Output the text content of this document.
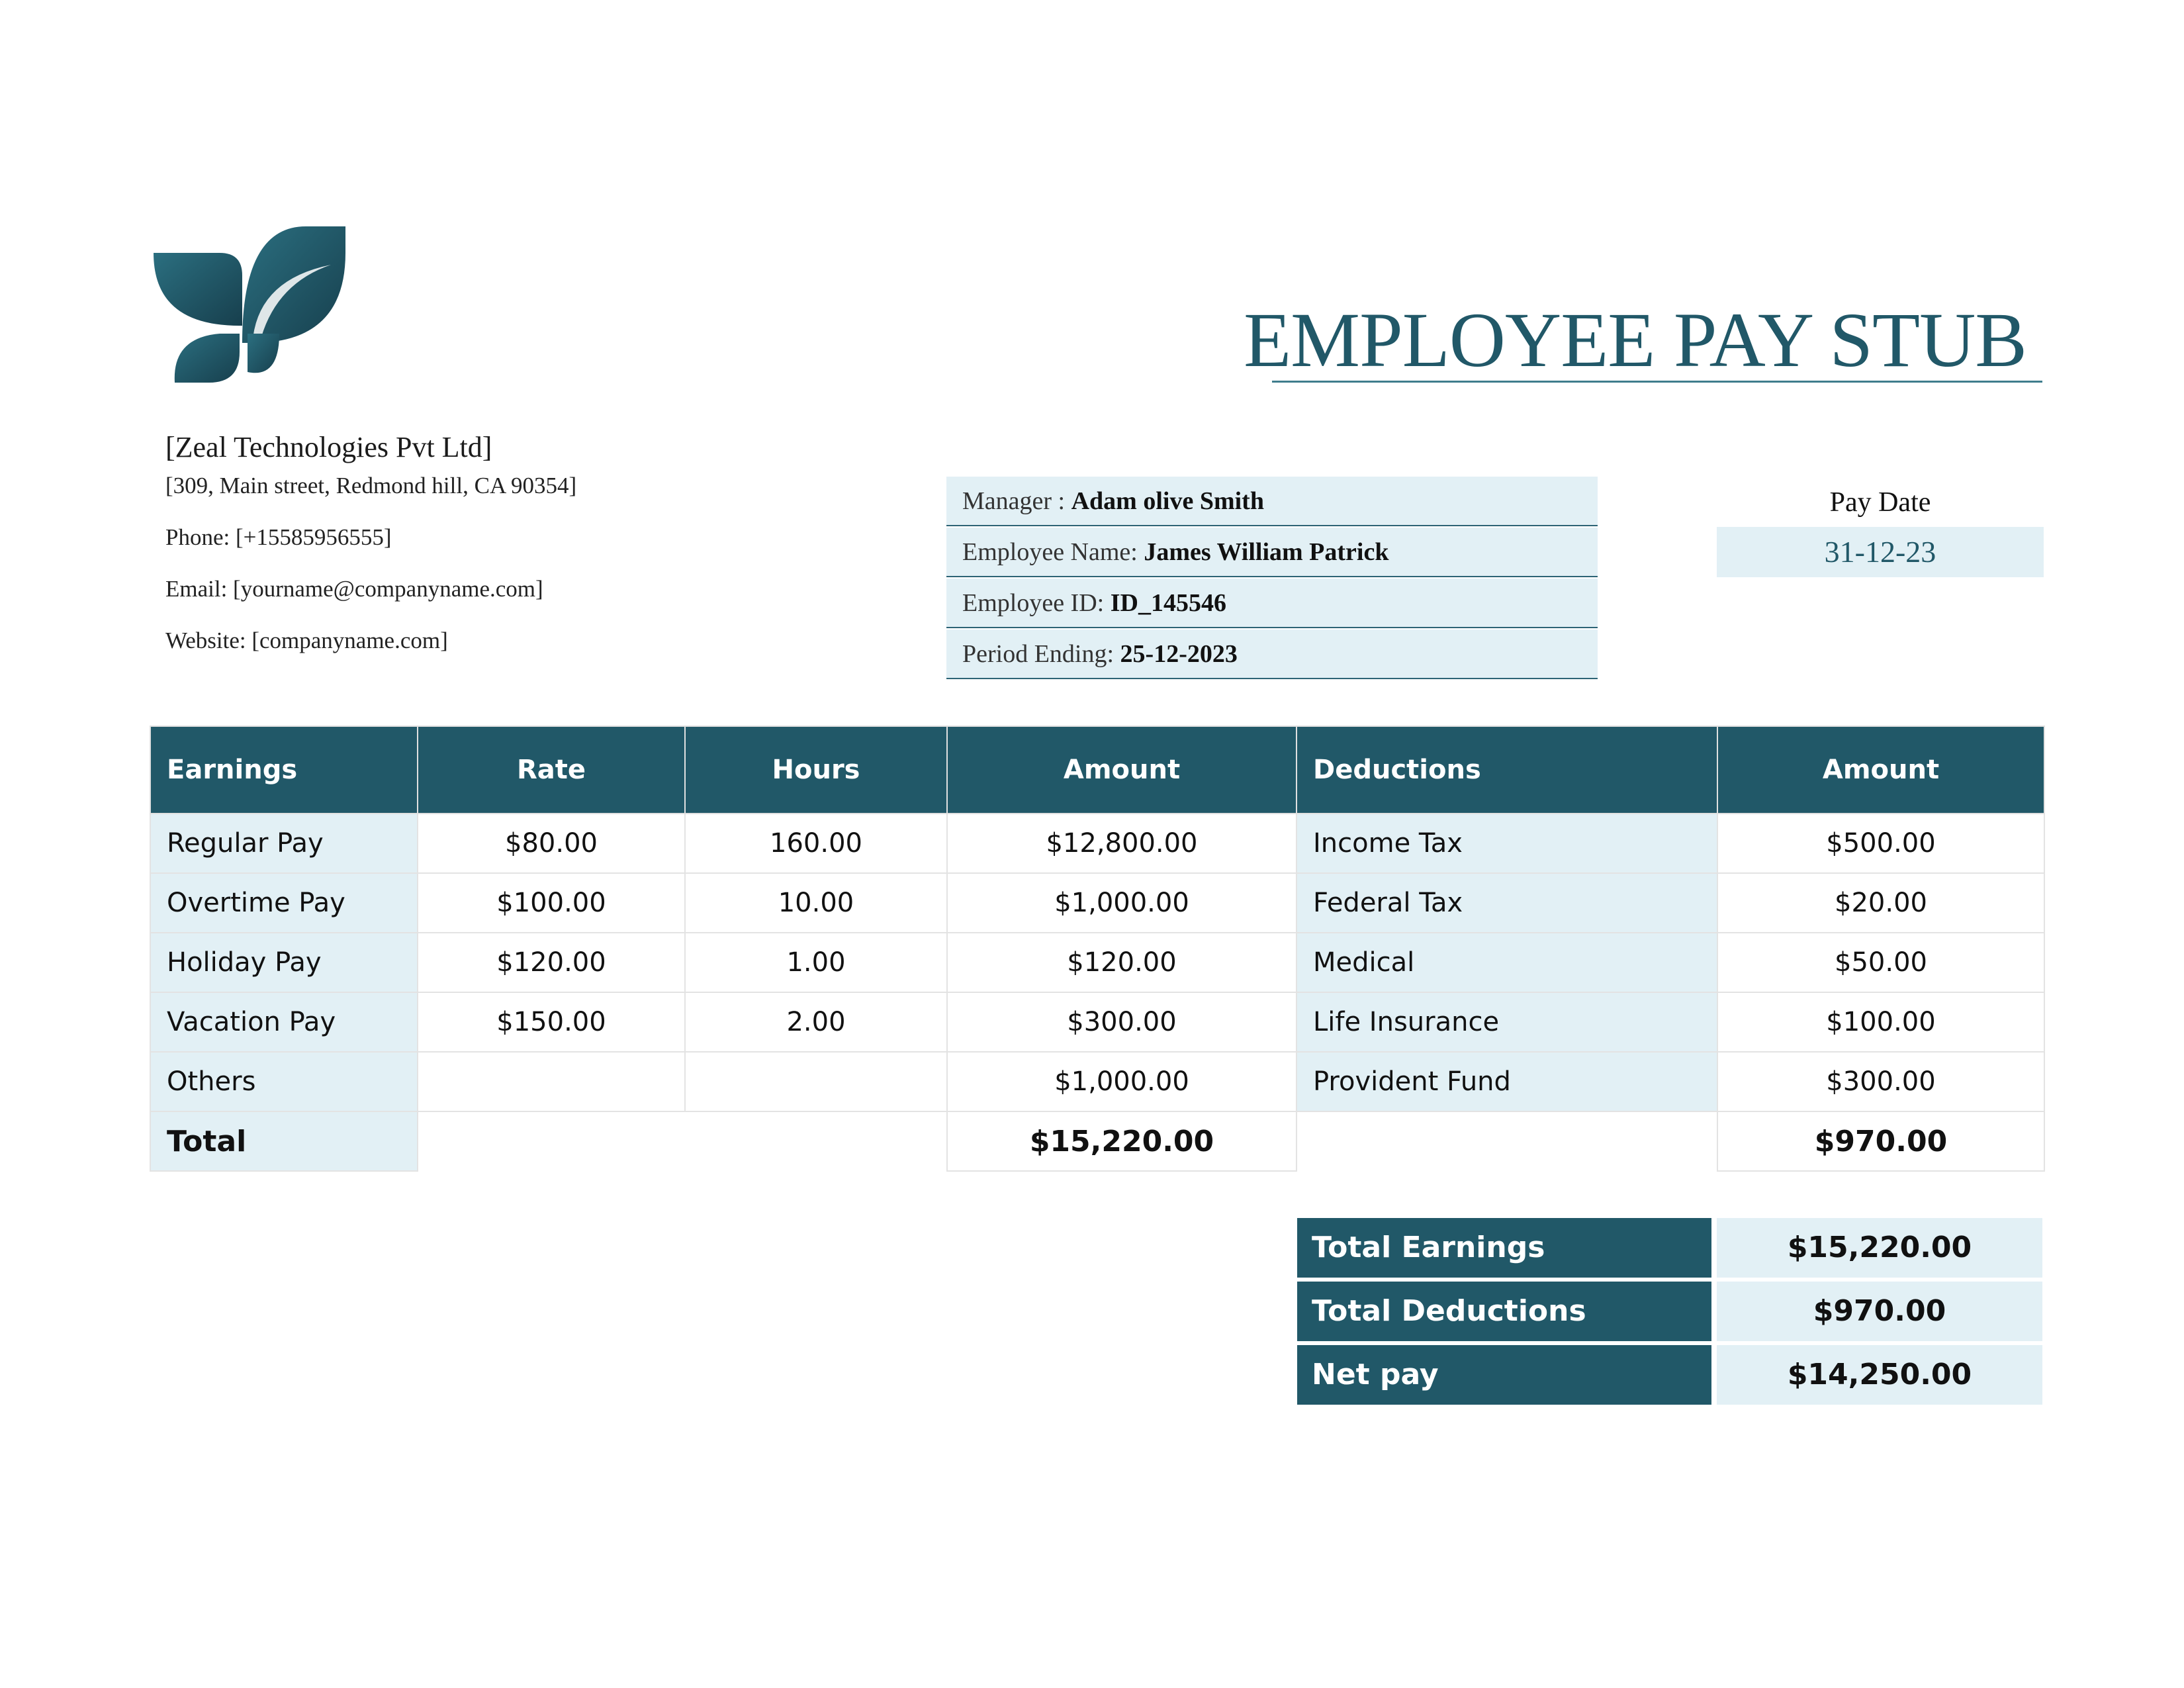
EMPLOYEE PAY STUB
[Zeal Technologies Pvt Ltd]
[309, Main street, Redmond hill, CA 90354]
Phone: [+15585956555]
Email: [yourname@companyname.com]
Website: [companyname.com]
Manager : Adam olive Smith
Employee Name: James William Patrick
Employee ID: ID_145546
Period Ending: 25-12-2023
Pay Date
31-12-23
Earnings	Rate	Hours	Amount	Deductions	Amount
Regular Pay	$80.00	160.00	$12,800.00	Income Tax	$500.00
Overtime Pay	$100.00	10.00	$1,000.00	Federal Tax	$20.00
Holiday Pay	$120.00	1.00	$120.00	Medical	$50.00
Vacation Pay	$150.00	2.00	$300.00	Life Insurance	$100.00
Others			$1,000.00	Provident Fund	$300.00
Total			$15,220.00		$970.00
Total Earnings	$15,220.00
Total Deductions	$970.00
Net pay	$14,250.00
